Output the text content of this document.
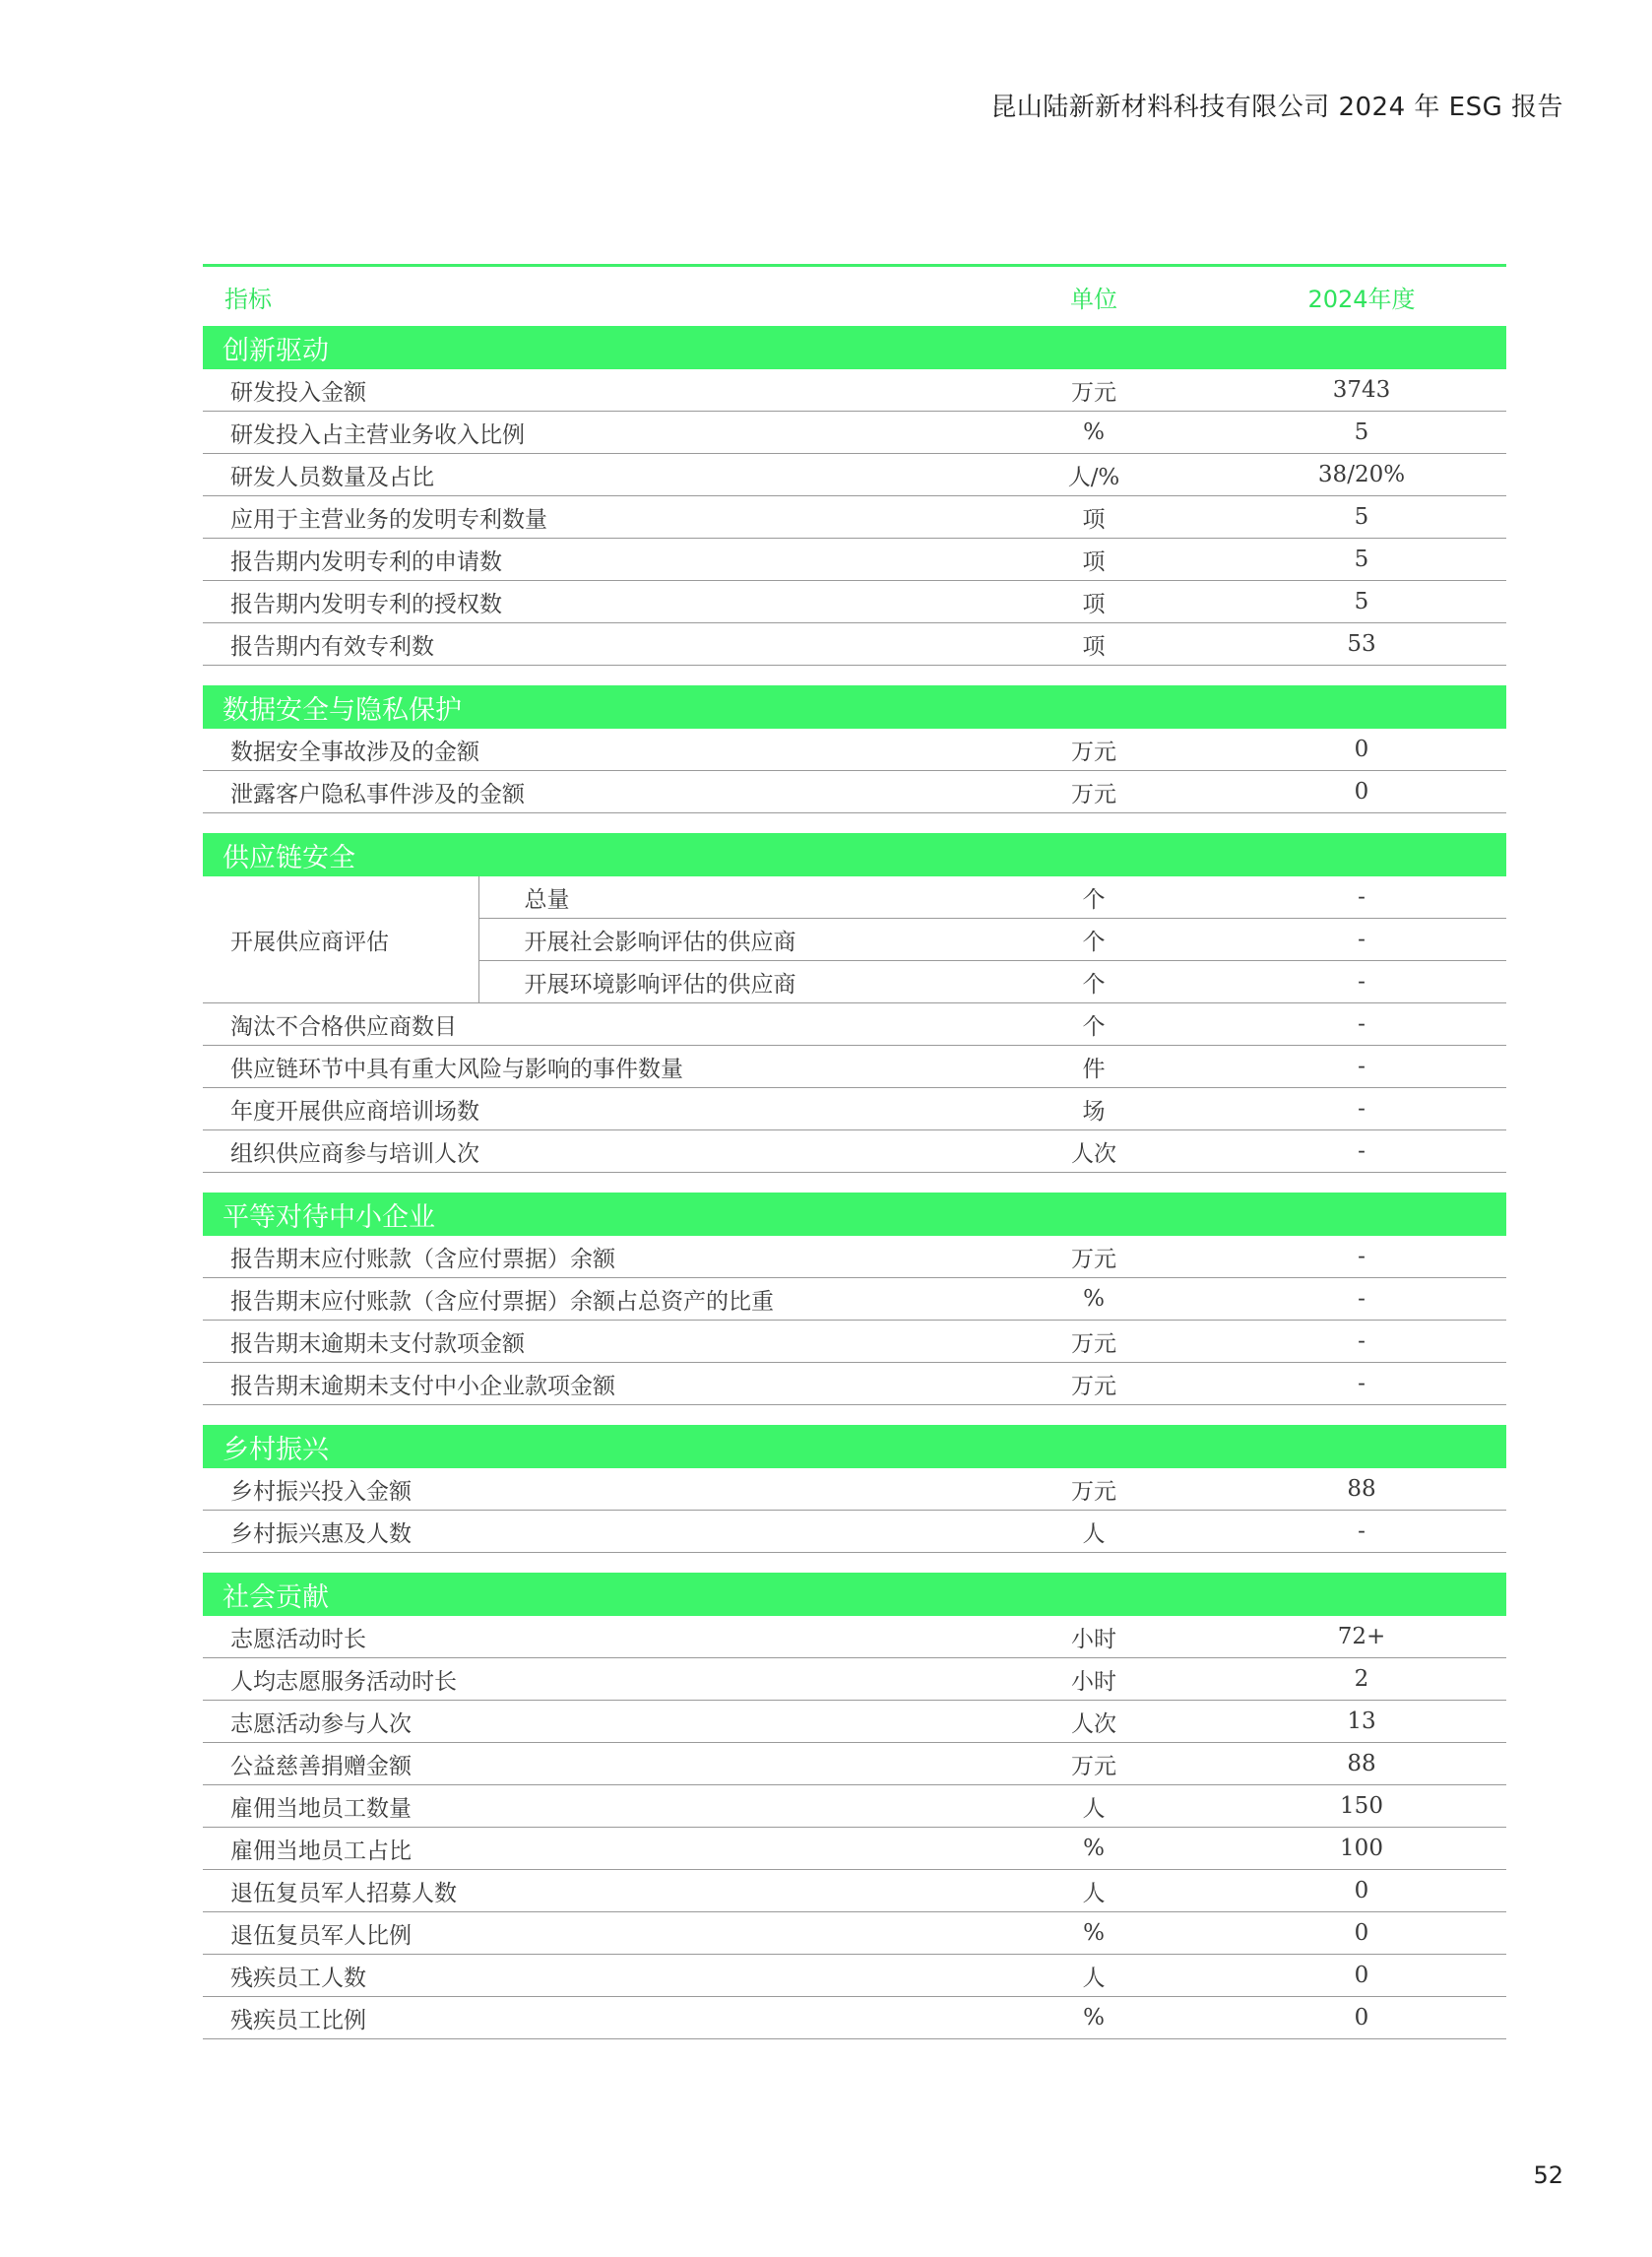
昆山陆新新材料科技有限公司 2024 年 ESG 报告
指标		单位	2024年度
创新驱动			
研发投入金额		万元	3743
研发投入占主营业务收入比例		%	5
研发人员数量及占比		人/%	38/20%
应用于主营业务的发明专利数量		项	5
报告期内发明专利的申请数		项	5
报告期内发明专利的授权数		项	5
报告期内有效专利数		项	53

数据安全与隐私保护			
数据安全事故涉及的金额		万元	0
泄露客户隐私事件涉及的金额		万元	0

供应链安全			
开展供应商评估	总量	个	-
	开展社会影响评估的供应商	个	-
	开展环境影响评估的供应商	个	-
淘汰不合格供应商数目		个	-
供应链环节中具有重大风险与影响的事件数量		件	-
年度开展供应商培训场数		场	-
组织供应商参与培训人次		人次	-

平等对待中小企业			
报告期末应付账款（含应付票据）余额		万元	-
报告期末应付账款（含应付票据）余额占总资产的比重		%	-
报告期末逾期未支付款项金额		万元	-
报告期末逾期未支付中小企业款项金额		万元	-

乡村振兴			
乡村振兴投入金额		万元	88
乡村振兴惠及人数		人	-

社会贡献			
志愿活动时长		小时	72+
人均志愿服务活动时长		小时	2
志愿活动参与人次		人次	13
公益慈善捐赠金额		万元	88
雇佣当地员工数量		人	150
雇佣当地员工占比		%	100
退伍复员军人招募人数		人	0
退伍复员军人比例		%	0
残疾员工人数		人	0
残疾员工比例		%	0
52
